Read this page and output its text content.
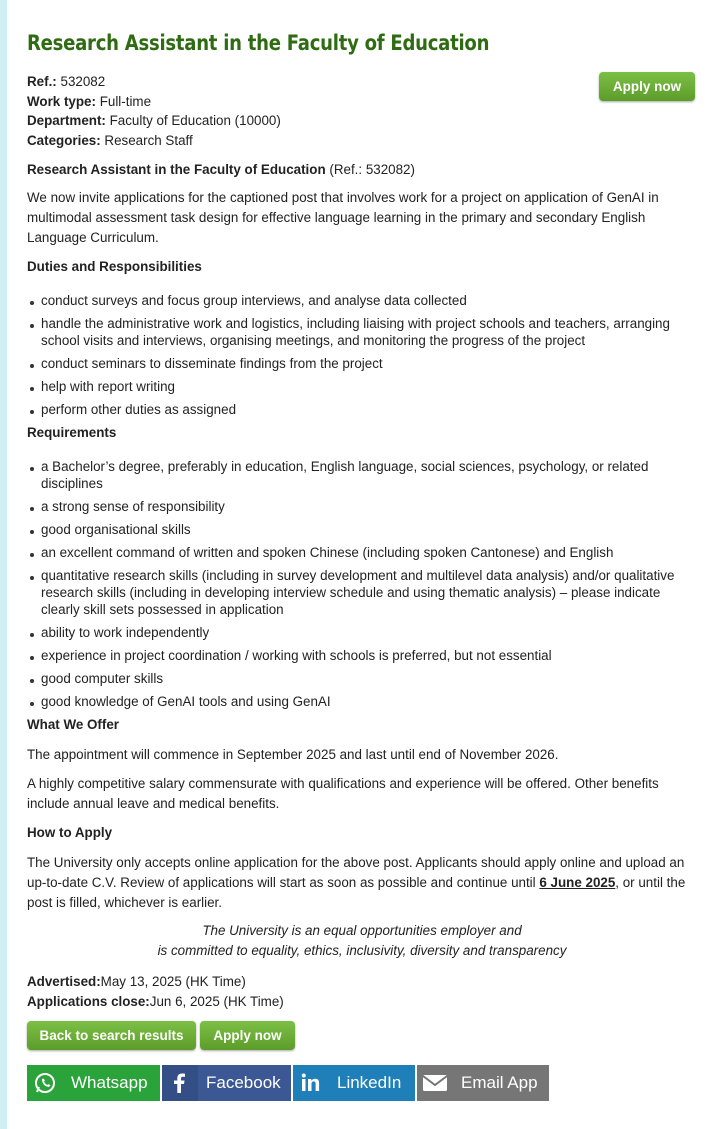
Research Assistant in the Faculty of Education
Ref.: 532082
Work type: Full-time
Department: Faculty of Education (10000)
Categories: Research Staff
Apply now
Research Assistant in the Faculty of Education (Ref.: 532082)
We now invite applications for the captioned post that involves work for a project on application of GenAI in multimodal assessment task design for effective language learning in the primary and secondary English Language Curriculum.
Duties and Responsibilities
conduct surveys and focus group interviews, and analyse data collected
handle the administrative work and logistics, including liaising with project schools and teachers, arranging school visits and interviews, organising meetings, and monitoring the progress of the project
conduct seminars to disseminate findings from the project
help with report writing
perform other duties as assigned
Requirements
a Bachelor’s degree, preferably in education, English language, social sciences, psychology, or related disciplines
a strong sense of responsibility
good organisational skills
an excellent command of written and spoken Chinese (including spoken Cantonese) and English
quantitative research skills (including in survey development and multilevel data analysis) and/or qualitative research skills (including in developing interview schedule and using thematic analysis) – please indicate clearly skill sets possessed in application
ability to work independently
experience in project coordination / working with schools is preferred, but not essential
good computer skills
good knowledge of GenAI tools and using GenAI
What We Offer
The appointment will commence in September 2025 and last until end of November 2026.
A highly competitive salary commensurate with qualifications and experience will be offered. Other benefits include annual leave and medical benefits.
How to Apply
The University only accepts online application for the above post. Applicants should apply online and upload an up-to-date C.V. Review of applications will start as soon as possible and continue until 6 June 2025, or until the post is filled, whichever is earlier.
The University is an equal opportunities employer and
is committed to equality, ethics, inclusivity, diversity and transparency
Advertised:May 13, 2025 (HK Time)
Applications close:Jun 6, 2025 (HK Time)
Back to search results	Apply now
Whatsapp	Facebook	LinkedIn	Email App
